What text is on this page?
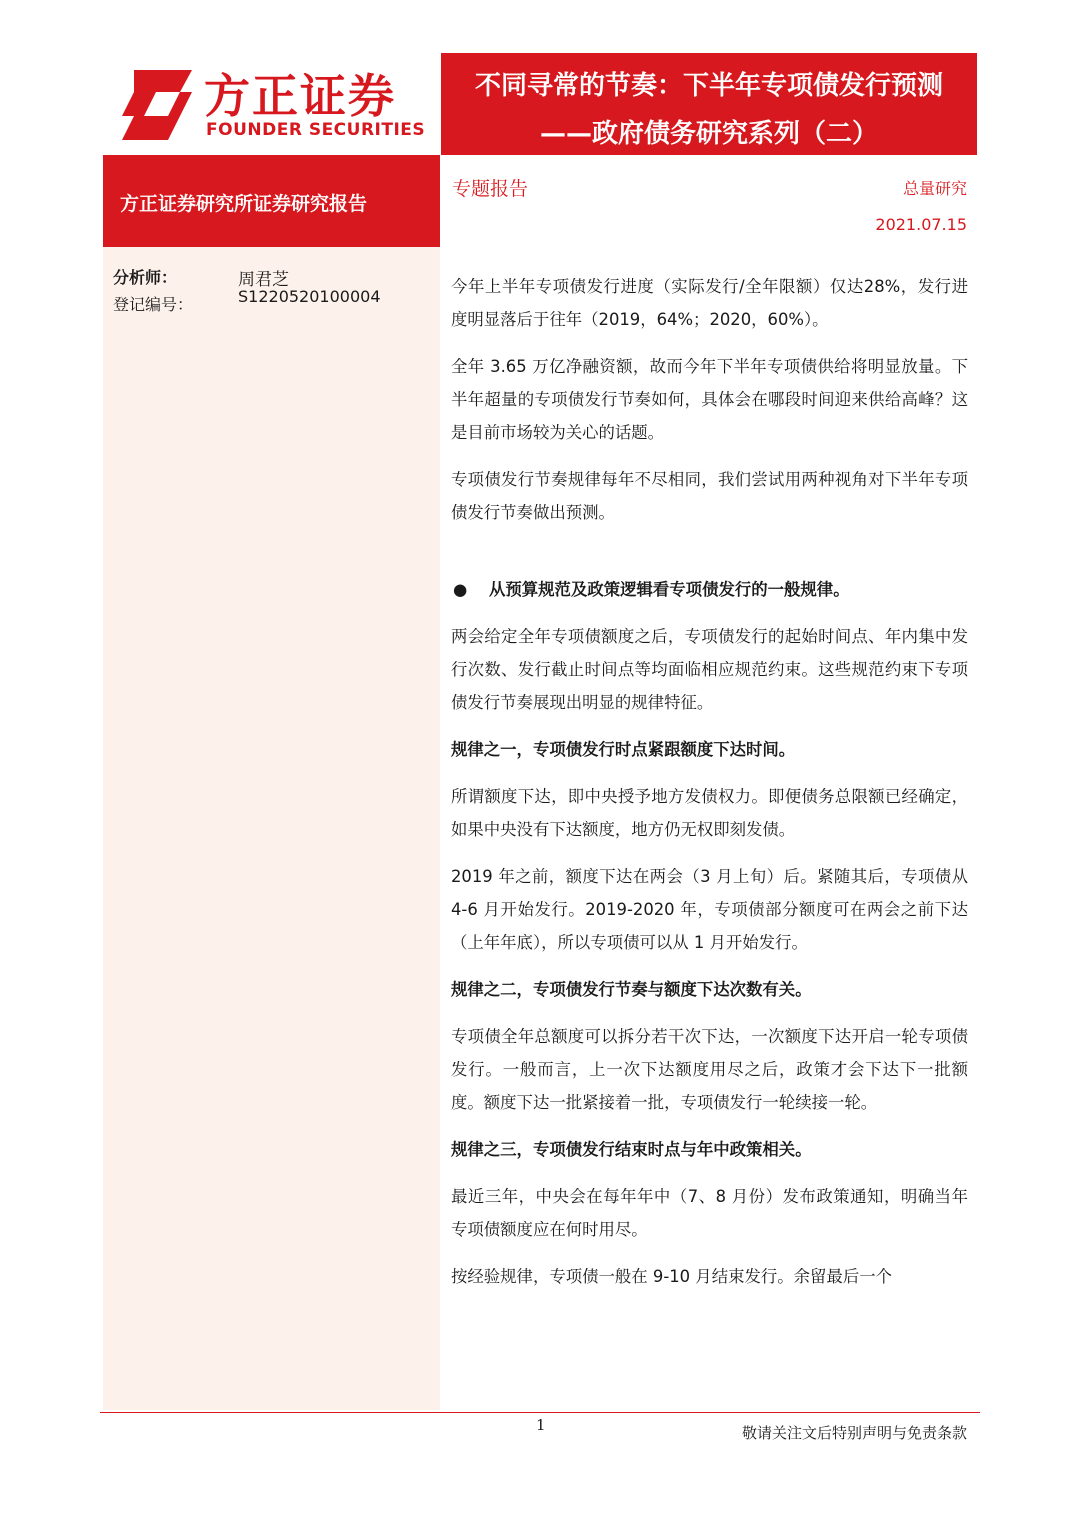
方正证券
FOUNDER SECURITIES
不同寻常的节奏：下半年专项债发行预测
——政府债务研究系列（二）
方正证券研究所证券研究报告
分析师：	周君芝
登记编号：	S1220520100004
专题报告	总量研究
2021.07.15

今年上半年专项债发行进度（实际发行/全年限额）仅达28%，发行进度明显落后于往年（2019，64%；2020，60%）。

全年 3.65 万亿净融资额，故而今年下半年专项债供给将明显放量。下半年超量的专项债发行节奏如何，具体会在哪段时间迎来供给高峰？这是目前市场较为关心的话题。

专项债发行节奏规律每年不尽相同，我们尝试用两种视角对下半年专项债发行节奏做出预测。

● 从预算规范及政策逻辑看专项债发行的一般规律。

两会给定全年专项债额度之后，专项债发行的起始时间点、年内集中发行次数、发行截止时间点等均面临相应规范约束。这些规范约束下专项债发行节奏展现出明显的规律特征。

规律之一，专项债发行时点紧跟额度下达时间。

所谓额度下达，即中央授予地方发债权力。即便债务总限额已经确定，如果中央没有下达额度，地方仍无权即刻发债。

2019 年之前，额度下达在两会（3 月上旬）后。紧随其后，专项债从 4-6 月开始发行。2019-2020 年，专项债部分额度可在两会之前下达（上年年底），所以专项债可以从 1 月开始发行。

规律之二，专项债发行节奏与额度下达次数有关。

专项债全年总额度可以拆分若干次下达，一次额度下达开启一轮专项债发行。一般而言，上一次下达额度用尽之后，政策才会下达下一批额度。额度下达一批紧接着一批，专项债发行一轮续接一轮。

规律之三，专项债发行结束时点与年中政策相关。

最近三年，中央会在每年年中（7、8 月份）发布政策通知，明确当年专项债额度应在何时用尽。

按经验规律，专项债一般在 9-10 月结束发行。余留最后一个

1	敬请关注文后特别声明与免责条款
